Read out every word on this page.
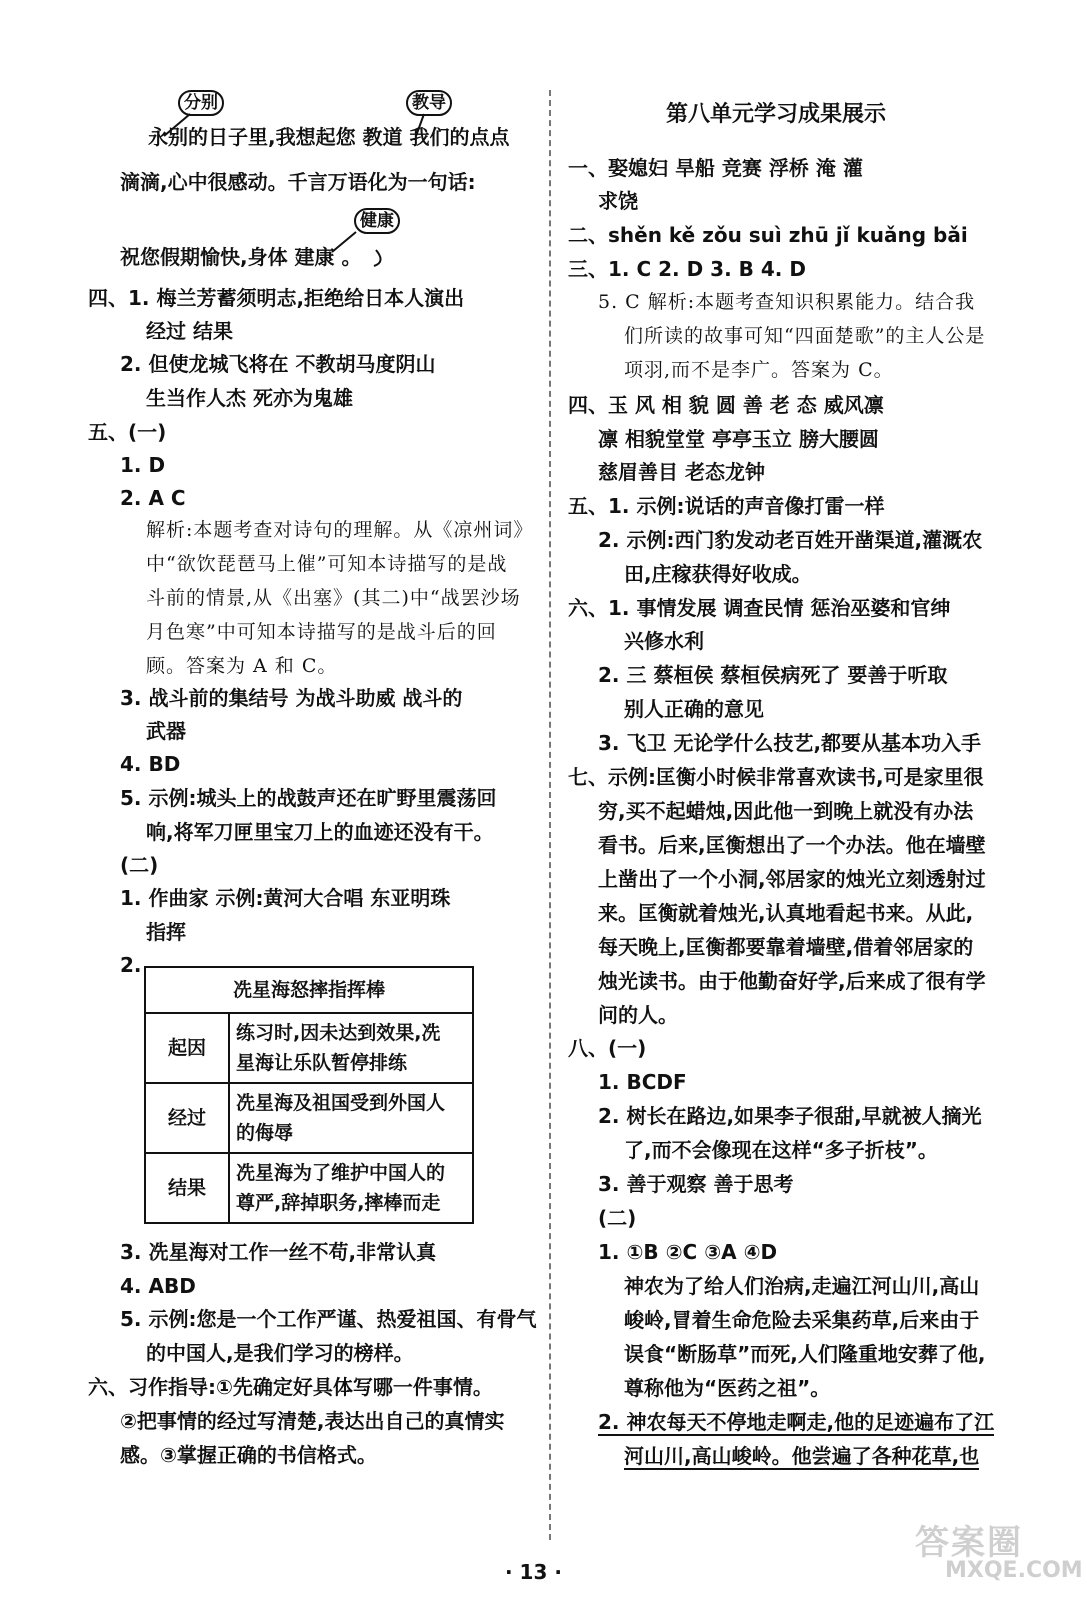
分别	教导
健康
永别的日子里,我想起您 教道 我们的点点
滴滴,心中很感动。千言万语化为一句话:
祝您假期愉快,身体 建康 。
四、1. 梅兰芳蓄须明志,拒绝给日本人演出
经过 结果
2. 但使龙城飞将在 不教胡马度阴山
生当作人杰 死亦为鬼雄
五、(一)
1. D
2. A C
解析:本题考查对诗句的理解。从《凉州词》
中“欲饮琵琶马上催”可知本诗描写的是战
斗前的情景,从《出塞》(其二)中“战罢沙场
月色寒”中可知本诗描写的是战斗后的回
顾。答案为 A 和 C。
3. 战斗前的集结号 为战斗助威 战斗的
武器
4. BD
5. 示例:城头上的战鼓声还在旷野里震荡回
响,将军刀匣里宝刀上的血迹还没有干。
(二)
1. 作曲家 示例:黄河大合唱 东亚明珠
指挥
2.
冼星海怒摔指挥棒	
起因	练习时,因未达到效果,冼
星海让乐队暂停排练

经过	冼星海及祖国受到外国人
的侮辱

结果	冼星海为了维护中国人的
尊严,辞掉职务,摔棒而走
3. 冼星海对工作一丝不苟,非常认真
4. ABD
5. 示例:您是一个工作严谨、热爱祖国、有骨气
的中国人,是我们学习的榜样。
六、习作指导:①先确定好具体写哪一件事情。
②把事情的经过写清楚,表达出自己的真情实
感。③掌握正确的书信格式。
第八单元学习成果展示
一、娶媳妇 旱船 竞赛 浮桥 淹 灌
求饶
二、shěn kě zǒu suì zhū jǐ kuǎng bǎi
三、1. C 2. D 3. B 4. D
5. C 解析:本题考查知识积累能力。结合我
们所读的故事可知“四面楚歌”的主人公是
项羽,而不是李广。答案为 C。
四、玉 风 相 貌 圆 善 老 态 威风凛
凛 相貌堂堂 亭亭玉立 膀大腰圆
慈眉善目 老态龙钟
五、1. 示例:说话的声音像打雷一样
2. 示例:西门豹发动老百姓开凿渠道,灌溉农
田,庄稼获得好收成。
六、1. 事情发展 调查民情 惩治巫婆和官绅
兴修水利
2. 三 蔡桓侯 蔡桓侯病死了 要善于听取
别人正确的意见
3. 飞卫 无论学什么技艺,都要从基本功入手
七、示例:匡衡小时候非常喜欢读书,可是家里很
穷,买不起蜡烛,因此他一到晚上就没有办法
看书。后来,匡衡想出了一个办法。他在墙壁
上凿出了一个小洞,邻居家的烛光立刻透射过
来。匡衡就着烛光,认真地看起书来。从此,
每天晚上,匡衡都要靠着墙壁,借着邻居家的
烛光读书。由于他勤奋好学,后来成了很有学
问的人。
八、(一)
1. BCDF
2. 树长在路边,如果李子很甜,早就被人摘光
了,而不会像现在这样“多子折枝”。
3. 善于观察 善于思考
(二)
1. ①B ②C ③A ④D
神农为了给人们治病,走遍江河山川,高山
峻岭,冒着生命危险去采集药草,后来由于
误食“断肠草”而死,人们隆重地安葬了他,
尊称他为“医药之祖”。
2. 神农每天不停地走啊走,他的足迹遍布了江
河山川,高山峻岭。他尝遍了各种花草,也
· 13 ·
答案圈
MXQE.COM
